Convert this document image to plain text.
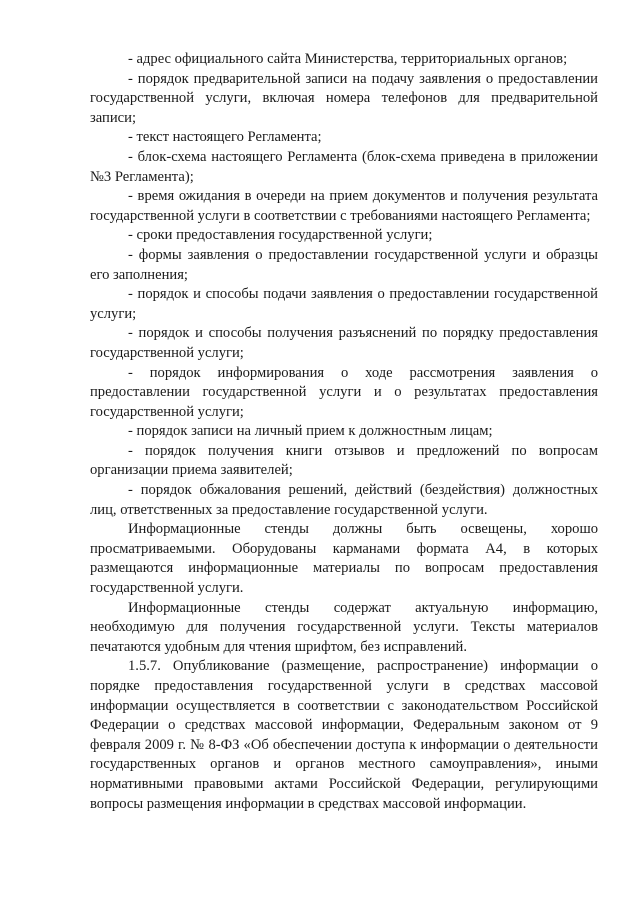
- адрес официального сайта Министерства, территориальных органов;

- порядок предварительной записи на подачу заявления о предоставлении государственной услуги, включая номера телефонов для предварительной записи;

- текст настоящего Регламента;

- блок-схема настоящего Регламента (блок-схема приведена в приложении №3 Регламента);

- время ожидания в очереди на прием документов и получения результата государственной услуги в соответствии с требованиями настоящего Регламента;

- сроки предоставления государственной услуги;

- формы заявления о предоставлении государственной услуги и образцы его заполнения;

- порядок и способы подачи заявления о предоставлении государственной услуги;

- порядок и способы получения разъяснений по порядку предоставления государственной услуги;

- порядок информирования о ходе рассмотрения заявления о предоставлении государственной услуги и о результатах предоставления государственной услуги;

- порядок записи на личный прием к должностным лицам;

- порядок получения книги отзывов и предложений по вопросам организации приема заявителей;

- порядок обжалования решений, действий (бездействия) должностных лиц, ответственных за предоставление государственной услуги.

Информационные стенды должны быть освещены, хорошо просматриваемыми. Оборудованы карманами формата А4, в которых размещаются информационные материалы по вопросам предоставления государственной услуги.

Информационные стенды содержат актуальную информацию, необходимую для получения государственной услуги. Тексты материалов печатаются удобным для чтения шрифтом, без исправлений.

1.5.7. Опубликование (размещение, распространение) информации о порядке предоставления государственной услуги в средствах массовой информации осуществляется в соответствии с законодательством Российской Федерации о средствах массовой информации, Федеральным законом от 9 февраля 2009 г. № 8-ФЗ «Об обеспечении доступа к информации о деятельности государственных органов и органов местного самоуправления», иными нормативными правовыми актами Российской Федерации, регулирующими вопросы размещения информации в средствах массовой информации.
